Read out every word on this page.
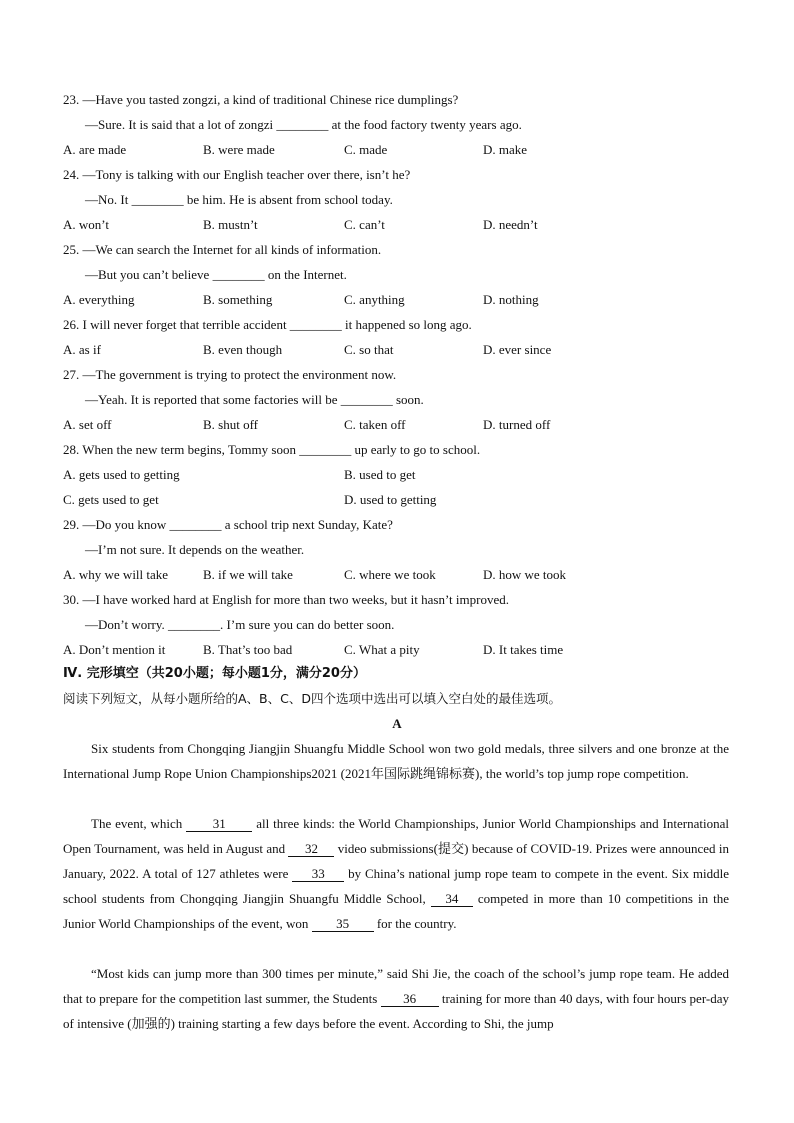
23. —Have you tasted zongzi, a kind of traditional Chinese rice dumplings?
—Sure. It is said that a lot of zongzi ________ at the food factory twenty years ago.
A. are made	B. were made	C. made	D. make
24. —Tony is talking with our English teacher over there, isn’t he?
—No. It ________ be him. He is absent from school today.
A. won’t	B. mustn’t	C. can’t	D. needn’t
25. —We can search the Internet for all kinds of information.
—But you can’t believe ________ on the Internet.
A. everything	B. something	C. anything	D. nothing
26. I will never forget that terrible accident ________ it happened so long ago.
A. as if	B. even though	C. so that	D. ever since
27. —The government is trying to protect the environment now.
—Yeah. It is reported that some factories will be ________ soon.
A. set off	B. shut off	C. taken off	D. turned off
28. When the new term begins, Tommy soon ________ up early to go to school.
A. gets used to getting	B. used to get
C. gets used to get	D. used to getting
29. —Do you know ________ a school trip next Sunday, Kate?
—I’m not sure. It depends on the weather.
A. why we will take	B. if we will take	C. where we took	D. how we took
30. —I have worked hard at English for more than two weeks, but it hasn’t improved.
—Don’t worry. ________. I’m sure you can do better soon.
A. Don’t mention it	B. That’s too bad	C. What a pity	D. It takes time
Ⅳ. 完形填空（共20小题；每小题1分，满分20分）
阅读下列短文，从每小题所给的A、B、C、D四个选项中选出可以填入空白处的最佳选项。
A
Six students from Chongqing Jiangjin Shuangfu Middle School won two gold medals, three silvers and one bronze at the International Jump Rope Union Championships2021 (2021年国际跳绳锦标赛), the world’s top jump rope competition.
The event, which 31 all three kinds: the World Championships, Junior World Championships and International Open Tournament, was held in August and 32 video submissions(提交) because of COVID-19. Prizes were announced in January, 2022. A total of 127 athletes were 33 by China’s national jump rope team to compete in the event. Six middle school students from Chongqing Jiangjin Shuangfu Middle School, 34 competed in more than 10 competitions in the Junior World Championships of the event, won 35 for the country.
“Most kids can jump more than 300 times per minute,” said Shi Jie, the coach of the school’s jump rope team. He added that to prepare for the competition last summer, the Students 36 training for more than 40 days, with four hours per-day of intensive (加强的) training starting a few days before the event. According to Shi, the jump
